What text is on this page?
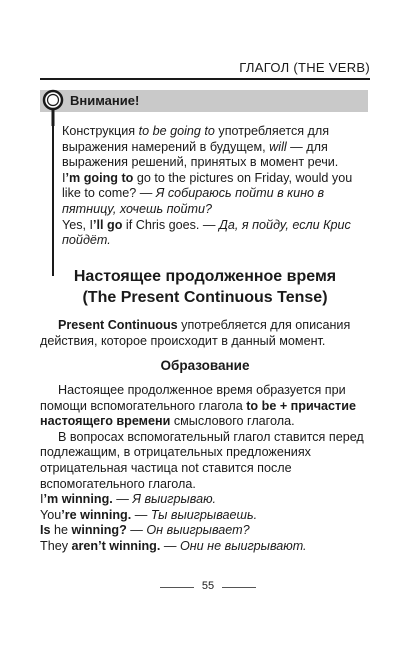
ГЛАГОЛ (THE VERB)
Внимание!

Конструкция to be going to употребляется для выражения намерений в будущем, will — для выражения решений, принятых в момент речи.

I’m going to go to the pictures on Friday, would you like to come? — Я собираюсь пойти в кино в пятницу, хочешь пойти?

Yes, I’ll go if Chris goes. — Да, я пойду, если Крис пойдёт.

Настоящее продолженное время
(The Present Continuous Tense)

Present Continuous употребляется для описания действия, которое происходит в данный момент.

Образование

Настоящее продолженное время образуется при помощи вспомогательного глагола to be + причастие настоящего времени смыслового глагола.

В вопросах вспомогательный глагол ставится перед подлежащим, в отрицательных предложениях отрицательная частица not ставится после вспомогательного глагола.

I’m winning. — Я выигрываю.

You’re winning. — Ты выигрываешь.

Is he winning? — Он выигрывает?

They aren’t winning. — Они не выигрывают.

55
